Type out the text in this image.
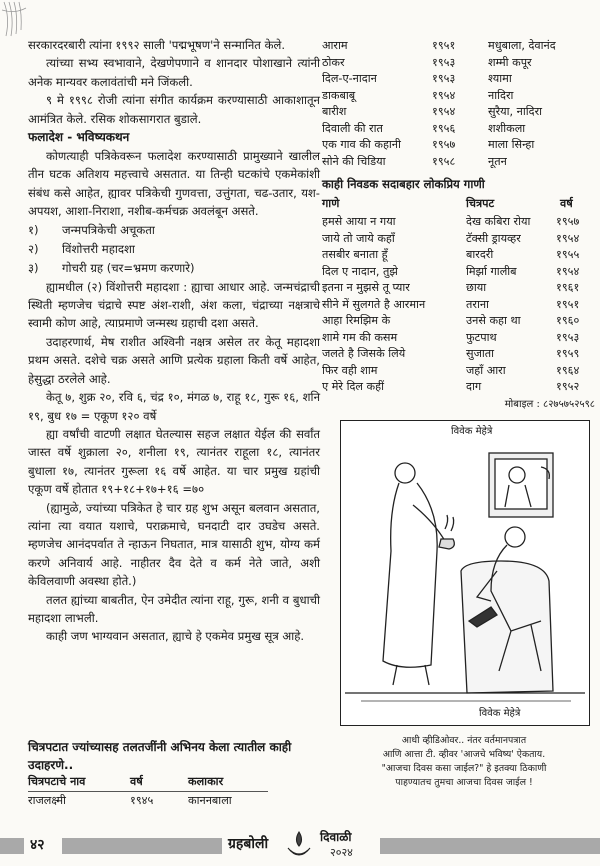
सरकारदरबारी त्यांना १९९२ साली 'पद्मभूषण'ने सन्मानित केले.

त्यांच्या सभ्य स्वभावाने, देखणेपणाने व शानदार पोशाखाने त्यांनी अनेक मान्यवर कलावंतांची मने जिंकली.

९ मे १९९८ रोजी त्यांना संगीत कार्यक्रम करण्यासाठी आकाशातून आमंत्रित केले. रसिक शोकसागरात बुडाले.

फलादेश - भविष्यकथन

कोणत्याही पत्रिकेवरून फलादेश करण्यासाठी प्रामुख्याने खालील तीन घटक अतिशय महत्त्वाचे असतात. या तिन्ही घटकांचे एकमेकांशी संबंध कसे आहेत, ह्यावर पत्रिकेची गुणवत्ता, उत्तुंगता, चढ-उतार, यश-अपयश, आशा-निराशा, नशीब-कर्मचक्र अवलंबून असते.

१)	जन्मपत्रिकेची अचूकता
२)	विंशोत्तरी महादशा
३)	गोचरी ग्रह (चर=भ्रमण करणारे)

ह्यामधील (२) विंशोत्तरी महादशा : ह्याचा आधार आहे. जन्मचंद्राची स्थिती म्हणजेच चंद्राचे स्पष्ट अंश-राशी, अंश कला, चंद्राच्या नक्षत्राचे स्वामी कोण आहे, त्याप्रमाणे जन्मस्थ ग्रहाची दशा असते.

उदाहरणार्थ, मेष राशीत अश्विनी नक्षत्र असेल तर केतू महादशा प्रथम असते. दशेचे चक्र असते आणि प्रत्येक ग्रहाला किती वर्षे आहेत, हेसुद्धा ठरलेले आहे.

केतू ७, शुक्र २०, रवि ६, चंद्र १०, मंगळ ७, राहू १८, गुरू १६, शनि १९, बुध १७ = एकूण १२० वर्षे

ह्या वर्षांची वाटणी लक्षात घेतल्यास सहज लक्षात येईल की सर्वांत जास्त वर्षे शुक्राला २०, शनीला १९, त्यानंतर राहूला १८, त्यानंतर बुधाला १७, त्यानंतर गुरूला १६ वर्षे आहेत. या चार प्रमुख ग्रहांची एकूण वर्षे होतात १९+१८+१७+१६ =७०

(ह्यामुळे, ज्यांच्या पत्रिकेत हे चार ग्रह शुभ असून बलवान असतात, त्यांना त्या वयात यशाचे, पराक्रमाचे, घनदाटी दार उघडेच असते. म्हणजेच आनंदपर्वात ते न्हाऊन निघतात, मात्र यासाठी शुभ, योग्य कर्म करणे अनिवार्य आहे. नाहीतर दैव देते व कर्म नेते जाते, अशी केविलवाणी अवस्था होते.)

तलत ह्यांच्या बाबतीत, ऐन उमेदीत त्यांना राहू, गुरू, शनी व बुधाची महादशा लाभली.

काही जण भाग्यवान असतात, ह्याचे हे एकमेव प्रमुख सूत्र आहे.

चित्रपटात ज्यांच्यासह तलतजींनी अभिनय केला त्यातील काही उदाहरणे..

चित्रपटाचे नाव	वर्ष	कलाकार
राजलक्ष्मी	१९४५	काननबाला
आराम	१९५१	मधुबाला, देवानंद
ठोकर	१९५३	शम्मी कपूर
दिल-ए-नादान	१९५३	श्यामा
डाकबाबू	१९५४	नादिरा
बारीश	१९५४	सुरैया, नादिरा
दिवाली की रात	१९५६	शशीकला
एक गाव की कहानी	१९५७	माला सिन्हा
सोने की चिडिया	१९५८	नूतन

काही निवडक सदाबहार लोकप्रिय गाणी

गाणे	चित्रपट	वर्ष
हमसे आया न गया	देख कबिरा रोया १९५७
जाये तो जाये कहाँ	टॅक्सी ड्रायव्हर	१९५४
तसबीर बनाता हूँ	बारदरी	१९५५
दिल ए नादान, तुझे	मिर्झा गालीब	१९५४
इतना न मुझसे तू प्यार	छाया	१९६१
सीने में सुलगते है आरमान	तराना	१९५१
आहा रिमझिम के	उनसे कहा था	१९६०
शामे गम की कसम	फुटपाथ	१९५३
जलते है जिसके लिये	सुजाता	१९५९
फिर वही शाम	जहाँ आरा	१९६४
ए मेरे दिल कहीं	दाग	१९५२

मोबाइल : ८२७५७५२५९८

विवेक मेहेत्रे
विवेक मेहेत्रे
आधी व्हीडिओवर.. नंतर वर्तमानपत्रात
आणि आत्ता टी. व्हीवर 'आजचे भविष्य' ऐकताय.
"आजचा दिवस कसा जाईल?" हे इतक्या ठिकाणी
पाहण्यातच तुमचा आजचा दिवस जाईल !
४२	ग्रहबोली	दिवाळी
२०२४
